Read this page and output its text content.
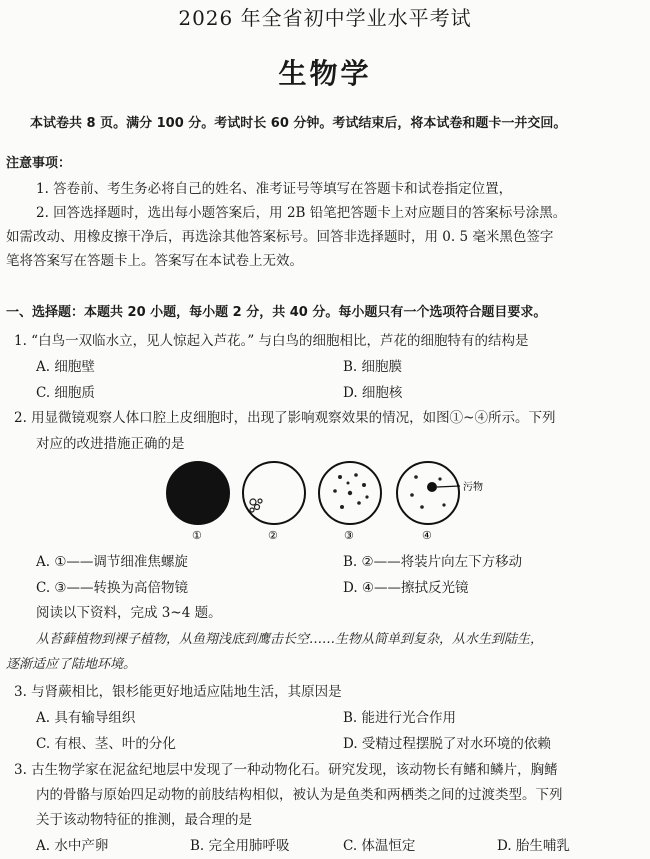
2026 年全省初中学业水平考试
生物学
本试卷共 8 页。满分 100 分。考试时长 60 分钟。考试结束后，将本试卷和题卡一并交回。
注意事项：
1. 答卷前、考生务必将自己的姓名、准考证号等填写在答题卡和试卷指定位置，
2. 回答选择题时，选出每小题答案后，用 2B 铅笔把答题卡上对应题目的答案标号涂黑。
如需改动、用橡皮擦干净后，再选涂其他答案标号。回答非选择题时，用 0. 5 毫米黑色签字
笔将答案写在答题卡上。答案写在本试卷上无效。
一、选择题：本题共 20 小题，每小题 2 分，共 40 分。每小题只有一个选项符合题目要求。
1. “白鸟一双临水立，见人惊起入芦花。” 与白鸟的细胞相比，芦花的细胞特有的结构是
A. 细胞壁	B. 细胞膜
C. 细胞质	D. 细胞核
2. 用显微镜观察人体口腔上皮细胞时，出现了影响观察效果的情况，如图①~④所示。下列
对应的改进措施正确的是
污物
①	②	③	④
A. ①——调节细准焦螺旋	B. ②——将装片向左下方移动
C. ③——转换为高倍物镜	D. ④——擦拭反光镜
阅读以下资料，完成 3~4 题。
从苔藓植物到裸子植物，从鱼翔浅底到鹰击长空……生物从简单到复杂，从水生到陆生，
逐渐适应了陆地环境。
3. 与肾蕨相比，银杉能更好地适应陆地生活，其原因是
A. 具有输导组织	B. 能进行光合作用
C. 有根、茎、叶的分化	D. 受精过程摆脱了对水环境的依赖
3. 古生物学家在泥盆纪地层中发现了一种动物化石。研究发现，该动物长有鳍和鳞片，胸鳍
内的骨骼与原始四足动物的前肢结构相似，被认为是鱼类和两栖类之间的过渡类型。下列
关于该动物特征的推测，最合理的是
A. 水中产卵	B. 完全用肺呼吸	C. 体温恒定	D. 胎生哺乳
